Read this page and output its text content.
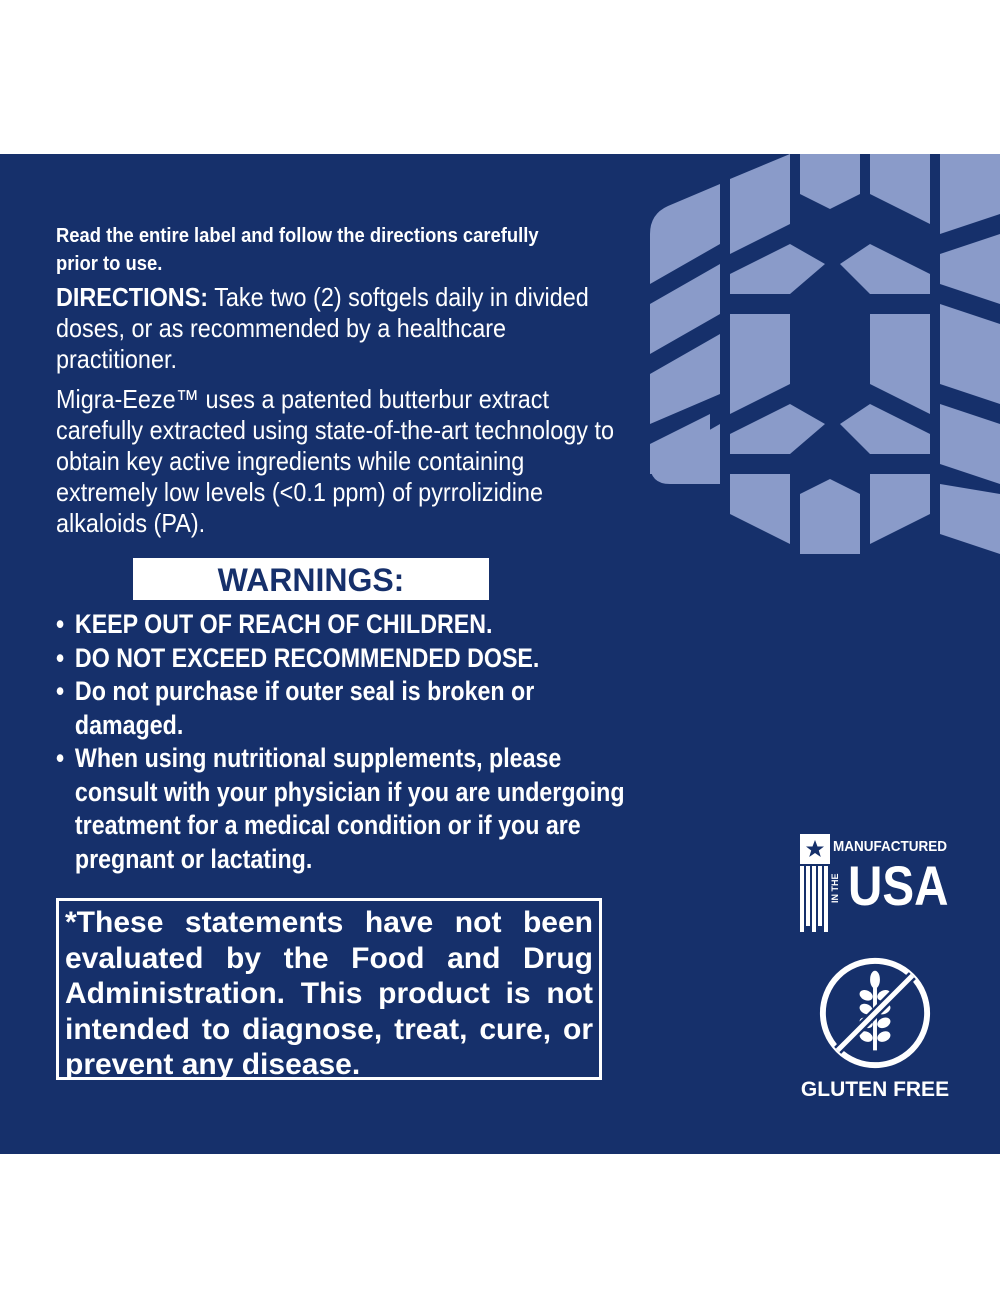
Read the entire label and follow the directions carefully prior to use.
DIRECTIONS: Take two (2) softgels daily in divided doses, or as recommended by a healthcare practitioner.
Migra-Eeze™ uses a patented butterbur extract carefully extracted using state-of-the-art technology to obtain key active ingredients while containing extremely low levels (<0.1 ppm) of pyrrolizidine alkaloids (PA).
WARNINGS:
• KEEP OUT OF REACH OF CHILDREN.
• DO NOT EXCEED RECOMMENDED DOSE.
• Do not purchase if outer seal is broken or damaged.
• When using nutritional supplements, please consult with your physician if you are undergoing treatment for a medical condition or if you are pregnant or lactating.

*These statements have not been evaluated by the Food and Drug Administration. This product is not intended to diagnose, treat, cure, or prevent any disease.

MANUFACTURED
IN THE USA
GLUTEN FREE
